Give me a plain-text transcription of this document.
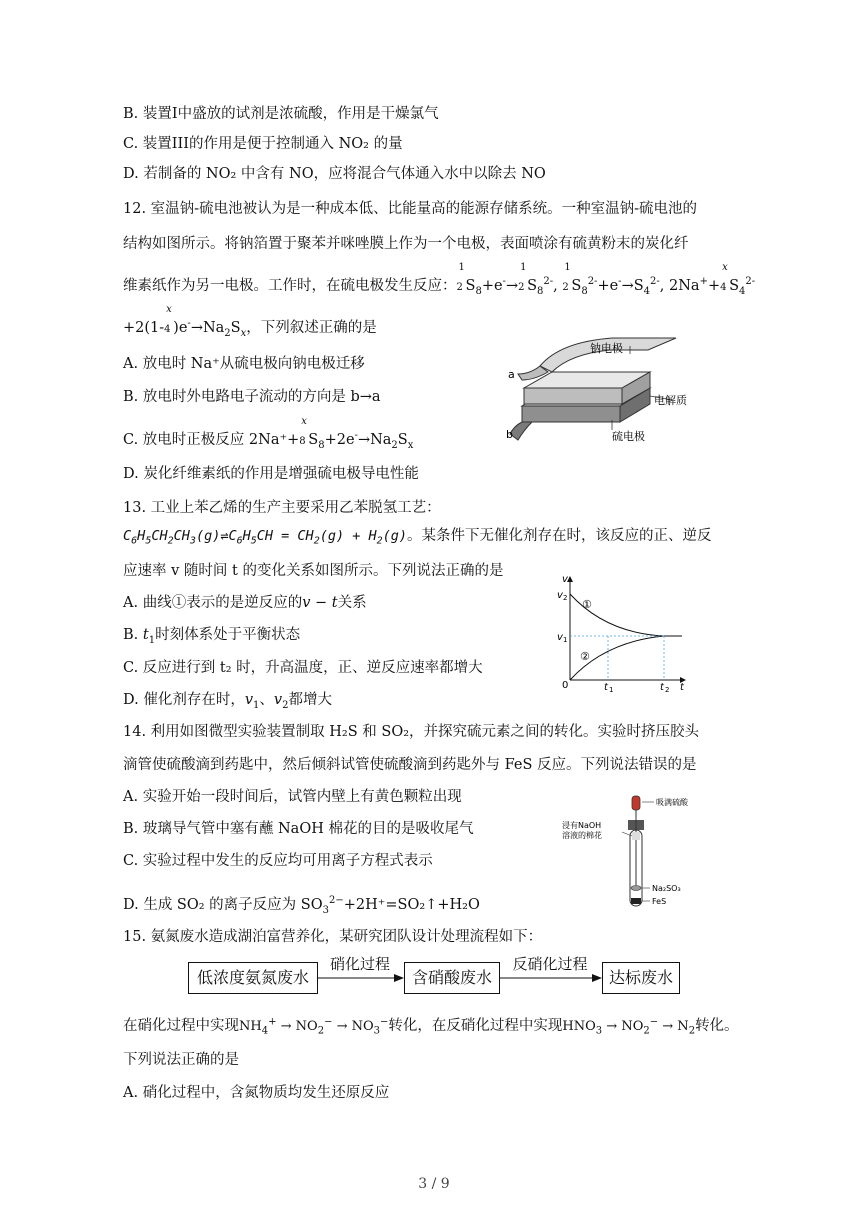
B. 装置I中盛放的试剂是浓硫酸，作用是干燥氯气
C. 装置III的作用是便于控制通入 NO₂ 的量
D. 若制备的 NO₂ 中含有 NO，应将混合气体通入水中以除去 NO
12. 室温钠-硫电池被认为是一种成本低、比能量高的能源存储系统。一种室温钠-硫电池的
结构如图所示。将钠箔置于聚苯并咪唑膜上作为一个电极，表面喷涂有硫黄粉末的炭化纤
维素纸作为另一电极。工作时，在硫电极发生反应：
1
2 $S_8+e^-\to$
1
2 $S_8^{2-}$,
1
2 $S_8^{2-}+e^-\to S_4^{2-}$, 2Na++
x
4 $S_4^{2-}$
+2(1-
x
4 )$e^-\to Na_2S_x$，下列叙述正确的是
A. 放电时 Na⁺从硫电极向钠电极迁移
B. 放电时外电路电子流动的方向是 b→a
C. 放电时正极反应 2Na⁺+
x
8 $S_8+2e^-\to Na_2S_x$
D. 炭化纤维素纸的作用是增强硫电极导电性能
钠电极
电解质
硫电极
a
b
13. 工业上苯乙烯的生产主要采用乙苯脱氢工艺：
$C_6H_5CH_2CH_3(g)\rightleftharpoons C_6H_5CH = CH_2(g) + H_2(g)$。某条件下无催化剂存在时，该反应的正、逆反
应速率 v 随时间 t 的变化关系如图所示。下列说法正确的是
A. 曲线①表示的是逆反应的v − t关系
B. $t_1$时刻体系处于平衡状态
C. 反应进行到 t₂ 时，升高温度，正、逆反应速率都增大
D. 催化剂存在时，$v_1$、$v_2$都增大
v
t
0
v 2
v 1
t 1	t 2
①
②
14. 利用如图微型实验装置制取 H₂S 和 SO₂，并探究硫元素之间的转化。实验时挤压胶头
滴管使硫酸滴到药匙中，然后倾斜试管使硫酸滴到药匙外与 FeS 反应。下列说法错误的是
A. 实验开始一段时间后，试管内壁上有黄色颗粒出现
B. 玻璃导气管中塞有蘸 NaOH 棉花的目的是吸收尾气
C. 实验过程中发生的反应均可用离子方程式表示
D. 生成 SO₂ 的离子反应为 $SO_3^{2-}+2H^+=SO_2↑+H_2O$
吸满硫酸
浸有NaOH
溶液的棉花
Na₂SO₃
FeS
15. 氨氮废水造成湖泊富营养化，某研究团队设计处理流程如下：
低浓度氨氮废水
硝化过程
含硝酸废水
反硝化过程
达标废水
在硝化过程中实现$NH_4^+ \to NO_2^- \to NO_3^-$转化，在反硝化过程中实现$HNO_3 \to NO_2^- \to N_2$转化。
下列说法正确的是
A. 硝化过程中，含氮物质均发生还原反应
3 / 9
